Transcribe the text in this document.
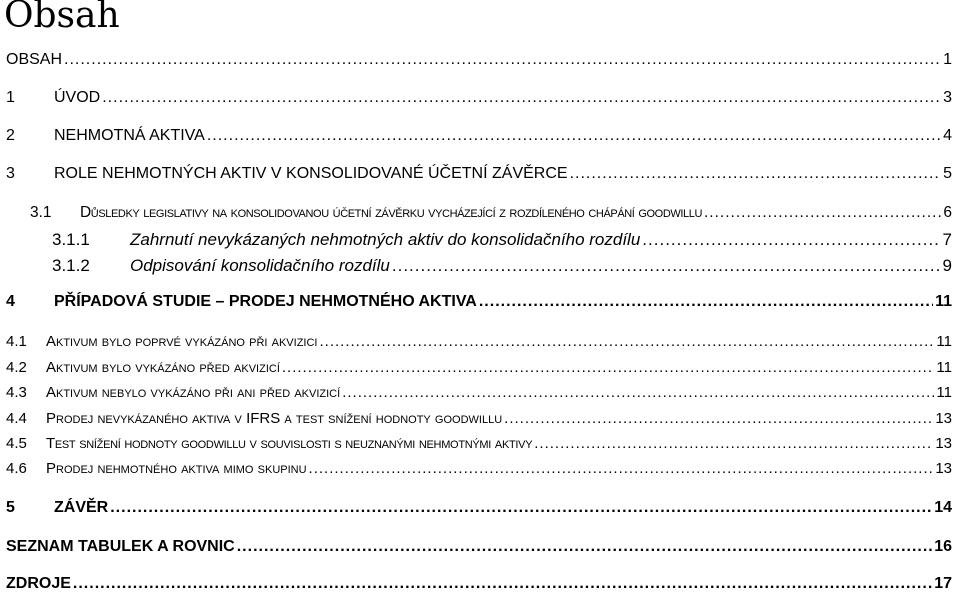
Obsah
OBSAH .....	1
1	ÚVOD .....	3
2	NEHMOTNÁ AKTIVA .....	4
3	ROLE NEHMOTNÝCH AKTIV V KONSOLIDOVANÉ ÚČETNÍ ZÁVĚRCE .....	5
3.1	Důsledky legislativy na konsolidovanou účetní závěrku vycházející z rozdíleného chápání goodwillu .....	6
3.1.1	Zahrnutí nevykázaných nehmotných aktiv do konsolidačního rozdílu .....	7
3.1.2	Odpisování konsolidačního rozdílu .....	9
4	PŘÍPADOVÁ STUDIE – PRODEJ NEHMOTNÉHO AKTIVA .....	11
4.1	Aktivum bylo poprvé vykázáno při akvizici .....	11
4.2	Aktivum bylo vykázáno před akvizicí .....	11
4.3	Aktivum nebylo vykázáno při ani před akvizicí .....	11
4.4	Prodej nevykázaného aktiva v IFRS a test snížení hodnoty goodwillu .....	13
4.5	Test snížení hodnoty goodwillu v souvislosti s neuznanými nehmotnými aktivy .....	13
4.6	Prodej nehmotného aktiva mimo skupinu .....	13
5	ZÁVĚR .....	14
SEZNAM TABULEK A ROVNIC .....	16
ZDROJE .....	17
